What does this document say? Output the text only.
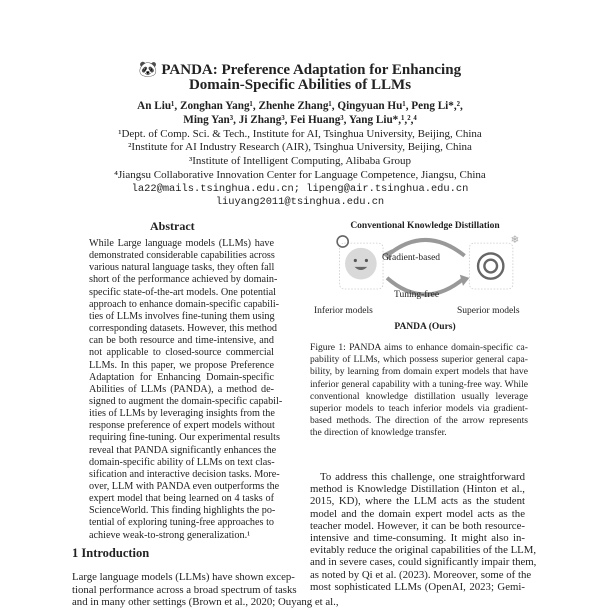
🐼 PANDA: Preference Adaptation for Enhancing
Domain-Specific Abilities of LLMs
An Liu¹, Zonghan Yang¹, Zhenhe Zhang¹, Qingyuan Hu¹, Peng Li*,²,
Ming Yan³, Ji Zhang³, Fei Huang³, Yang Liu*,¹,²,⁴
¹Dept. of Comp. Sci. & Tech., Institute for AI, Tsinghua University, Beijing, China
²Institute for AI Industry Research (AIR), Tsinghua University, Beijing, China
³Institute of Intelligent Computing, Alibaba Group
⁴Jiangsu Collaborative Innovation Center for Language Competence, Jiangsu, China
la22@mails.tsinghua.edu.cn; lipeng@air.tsinghua.edu.cn
liuyang2011@tsinghua.edu.cn
Abstract
While Large language models (LLMs) have
demonstrated considerable capabilities across
various natural language tasks, they often fall
short of the performance achieved by domain-
specific state-of-the-art models. One potential
approach to enhance domain-specific capabili-
ties of LLMs involves fine-tuning them using
corresponding datasets. However, this method
can be both resource and time-intensive, and
not applicable to closed-source commercial
LLMs. In this paper, we propose Preference
Adaptation for Enhancing Domain-specific
Abilities of LLMs (PANDA), a method de-
signed to augment the domain-specific capabil-
ities of LLMs by leveraging insights from the
response preference of expert models without
requiring fine-tuning. Our experimental results
reveal that PANDA significantly enhances the
domain-specific ability of LLMs on text clas-
sification and interactive decision tasks. More-
over, LLM with PANDA even outperforms the
expert model that being learned on 4 tasks of
ScienceWorld. This finding highlights the po-
tential of exploring tuning-free approaches to
achieve weak-to-strong generalization.¹
1 Introduction
Large language models (LLMs) have shown excep-
tional performance across a broad spectrum of tasks
and in many other settings (Brown et al., 2020; Ouyang et al.,
Conventional Knowledge Distillation
❄
Gradient-based
Tuning-free
Inferior models	Superior models
PANDA (Ours)
Figure 1: PANDA aims to enhance domain-specific ca-
pability of LLMs, which possess superior general capa-
bility, by learning from domain expert models that have
inferior general capability with a tuning-free way. While
conventional knowledge distillation usually leverage
superior models to teach inferior models via gradient-
based methods. The direction of the arrow represents
the direction of knowledge transfer.
To address this challenge, one straightforward
method is Knowledge Distillation (Hinton et al.,
2015, KD), where the LLM acts as the student
model and the domain expert model acts as the
teacher model. However, it can be both resource-
intensive and time-consuming. It might also in-
evitably reduce the original capabilities of the LLM,
and in severe cases, could significantly impair them,
as noted by Qi et al. (2023). Moreover, some of the
most sophisticated LLMs (OpenAI, 2023; Gemi-
